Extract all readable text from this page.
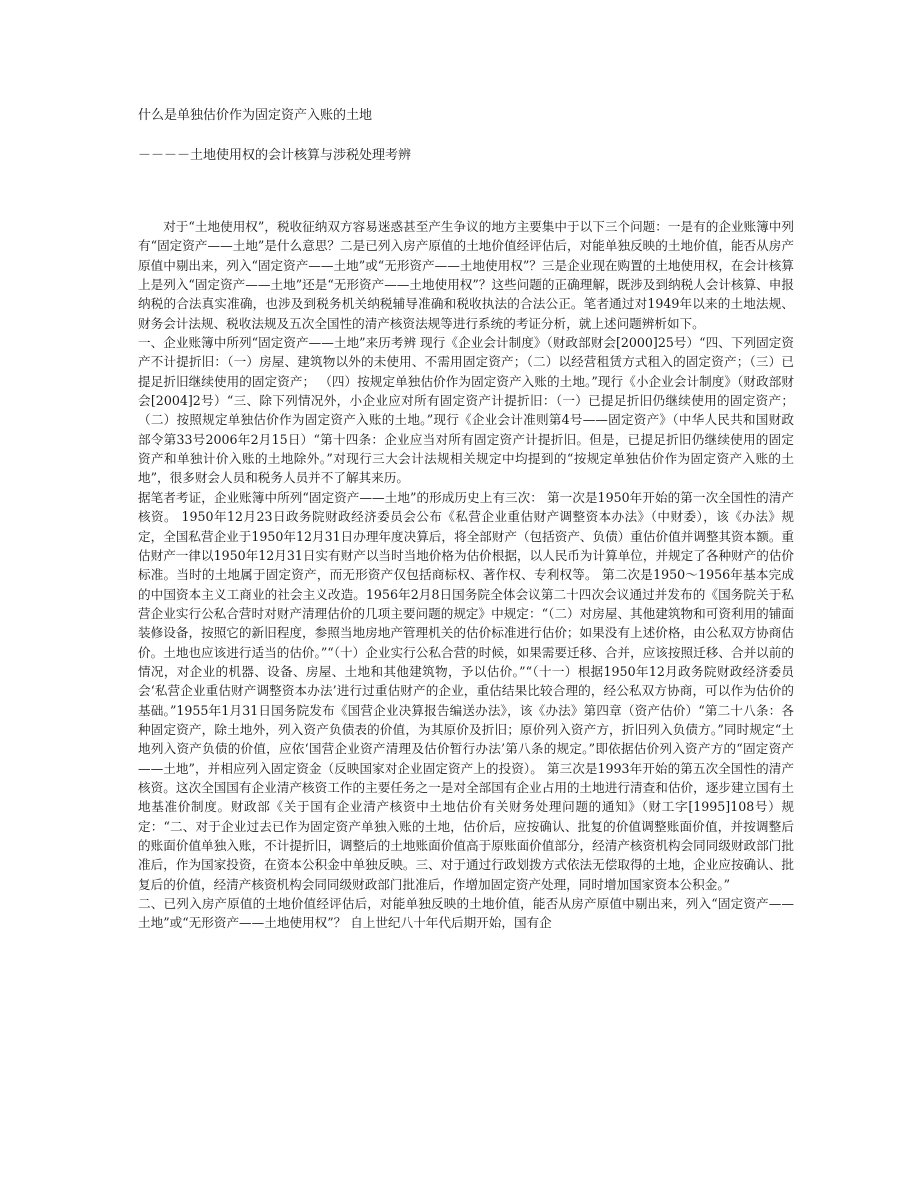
什么是单独估价作为固定资产入账的土地
－－－－土地使用权的会计核算与涉税处理考辨

对于“土地使用权”，税收征纳双方容易迷惑甚至产生争议的地方主要集中于以下三个问题：一是有的企业账簿中列有“固定资产——土地”是什么意思？二是已列入房产原值的土地价值经评估后，对能单独反映的土地价值，能否从房产原值中剔出来，列入“固定资产——土地”或“无形资产——土地使用权”？三是企业现在购置的土地使用权，在会计核算上是列入“固定资产——土地”还是“无形资产——土地使用权”？这些问题的正确理解，既涉及到纳税人会计核算、申报纳税的合法真实准确，也涉及到税务机关纳税辅导准确和税收执法的合法公正。笔者通过对1949年以来的土地法规、财务会计法规、税收法规及五次全国性的清产核资法规等进行系统的考证分析，就上述问题辨析如下。

一、企业账簿中所列“固定资产——土地”来历考辨 现行《企业会计制度》（财政部财会[2000]25号）“四、下列固定资产不计提折旧：（一）房屋、建筑物以外的未使用、不需用固定资产；（二）以经营租赁方式租入的固定资产；（三）已提足折旧继续使用的固定资产； （四）按规定单独估价作为固定资产入账的土地。”现行《小企业会计制度》（财政部财会[2004]2号）“三、除下列情况外，小企业应对所有固定资产计提折旧：（一）已提足折旧仍继续使用的固定资产；（二）按照规定单独估价作为固定资产入账的土地。”现行《企业会计准则第4号——固定资产》（中华人民共和国财政部令第33号2006年2月15日）“第十四条：企业应当对所有固定资产计提折旧。但是，已提足折旧仍继续使用的固定资产和单独计价入账的土地除外。”对现行三大会计法规相关规定中均提到的“按规定单独估价作为固定资产入账的土地”，很多财会人员和税务人员并不了解其来历。

据笔者考证，企业账簿中所列“固定资产——土地”的形成历史上有三次： 第一次是1950年开始的第一次全国性的清产核资。 1950年12月23日政务院财政经济委员会公布《私营企业重估财产调整资本办法》（中财委），该《办法》规定，全国私营企业于1950年12月31日办理年度决算后，将全部财产（包括资产、负债）重估价值并调整其资本额。重估财产一律以1950年12月31日实有财产以当时当地价格为估价根据，以人民币为计算单位，并规定了各种财产的估价标准。当时的土地属于固定资产，而无形资产仅包括商标权、著作权、专利权等。 第二次是1950～1956年基本完成的中国资本主义工商业的社会主义改造。1956年2月8日国务院全体会议第二十四次会议通过并发布的《国务院关于私营企业实行公私合营时对财产清理估价的几项主要问题的规定》中规定：“（二）对房屋、其他建筑物和可资利用的铺面装修设备，按照它的新旧程度，参照当地房地产管理机关的估价标准进行估价；如果没有上述价格，由公私双方协商估价。土地也应该进行适当的估价。”“（十）企业实行公私合营的时候，如果需要迁移、合并，应该按照迁移、合并以前的情况，对企业的机器、设备、房屋、土地和其他建筑物，予以估价。”“（十一）根据1950年12月政务院财政经济委员会‘私营企业重估财产调整资本办法’进行过重估财产的企业，重估结果比较合理的，经公私双方协商，可以作为估价的基础。”1955年1月31日国务院发布《国营企业决算报告编送办法》，该《办法》第四章（资产估价）“第二十八条：各种固定资产，除土地外，列入资产负债表的价值，为其原价及折旧；原价列入资产方，折旧列入负债方。”同时规定“土地列入资产负债的价值，应依‘国营企业资产清理及估价暂行办法’第八条的规定。”即依据估价列入资产方的“固定资产——土地”，并相应列入固定资金（反映国家对企业固定资产上的投资）。 第三次是1993年开始的第五次全国性的清产核资。这次全国国有企业清产核资工作的主要任务之一是对全部国有企业占用的土地进行清查和估价，逐步建立国有土地基准价制度。财政部《关于国有企业清产核资中土地估价有关财务处理问题的通知》（财工字[1995]108号）规定：“二、对于企业过去已作为固定资产单独入账的土地，估价后，应按确认、批复的价值调整账面价值，并按调整后的账面价值单独入账，不计提折旧，调整后的土地账面价值高于原账面价值部分，经清产核资机构会同同级财政部门批准后，作为国家投资，在资本公积金中单独反映。三、对于通过行政划拨方式依法无偿取得的土地，企业应按确认、批复后的价值，经清产核资机构会同同级财政部门批准后，作增加固定资产处理，同时增加国家资本公积金。”

二、已列入房产原值的土地价值经评估后，对能单独反映的土地价值，能否从房产原值中剔出来，列入“固定资产——土地”或“无形资产——土地使用权”？ 自上世纪八十年代后期开始，国有企
